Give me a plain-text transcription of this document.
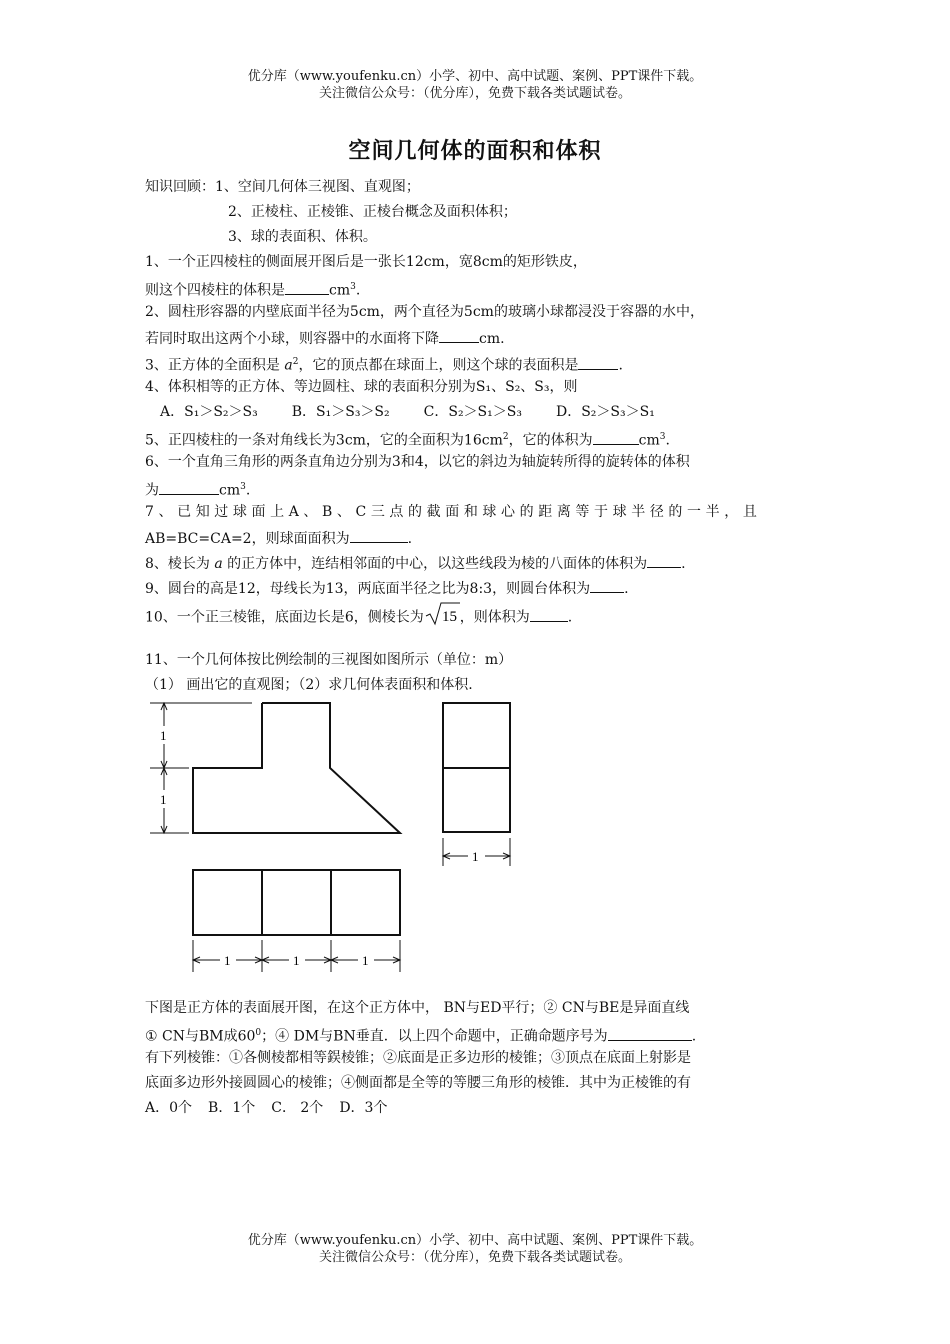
优分库（www.youfenku.cn）小学、初中、高中试题、案例、PPT课件下载。
关注微信公众号：（优分库），免费下载各类试题试卷。
空间几何体的面积和体积
知识回顾：1、空间几何体三视图、直观图；
2、正棱柱、正棱锥、正棱台概念及面积体积；
3、球的表面积、体积。
1、一个正四棱柱的侧面展开图后是一张长12cm，宽8cm的矩形铁皮，
则这个四棱柱的体积是	$cm^3$.
2、圆柱形容器的内壁底面半径为5cm，两个直径为5cm的玻璃小球都浸没于容器的水中，
若同时取出这两个小球，则容器中的水面将下降	cm.
3、正方体的全面积是 $a^2$，它的顶点都在球面上，则这个球的表面积是	.
4、体积相等的正方体、等边圆柱、球的表面积分别为S₁、S₂、S₃，则
A．S₁＞S₂＞S₃ B．S₁＞S₃＞S₂ C．S₂＞S₁＞S₃ D．S₂＞S₃＞S₁
5、正四棱柱的一条对角线长为3cm，它的全面积为$16cm^2$，它的体积为	$cm^3$.
6、一个直角三角形的两条直角边分别为3和4，以它的斜边为轴旋转所得的旋转体的体积
为	$cm^3$.
7、已知过球面上A、B、C三点的截面和球心的距离等于球半径的一半，且
AB=BC=CA=2，则球面面积为	.
8、棱长为 a 的正方体中，连结相邻面的中心，以这些线段为棱的八面体的体积为 .
9、圆台的高是12，母线长为13，两底面半径之比为8:3，则圆台体积为 .
10、一个正三棱锥，底面边长是6，侧棱长为 15 ，则体积为	.
11、一个几何体按比例绘制的三视图如图所示（单位：m）
（1） 画出它的直观图；（2）求几何体表面积和体积.
1
1
1
1	1	1
下图是正方体的表面展开图，在这个正方体中， BN与ED平行；② CN与BE是异面直线
① CN与BM成$60^0$；④ DM与BN垂直．以上四个命题中，正确命题序号为	.
有下列棱锥：①各侧棱都相等鋘棱锥；②底面是正多边形的棱锥；③顶点在底面上射影是
底面多边形外接圆圆心的棱锥；④侧面都是全等的等腰三角形的棱锥．其中为正棱锥的有
A．0个 B．1个 C． 2个 D．3个
优分库（www.youfenku.cn）小学、初中、高中试题、案例、PPT课件下载。
关注微信公众号：（优分库），免费下载各类试题试卷。
